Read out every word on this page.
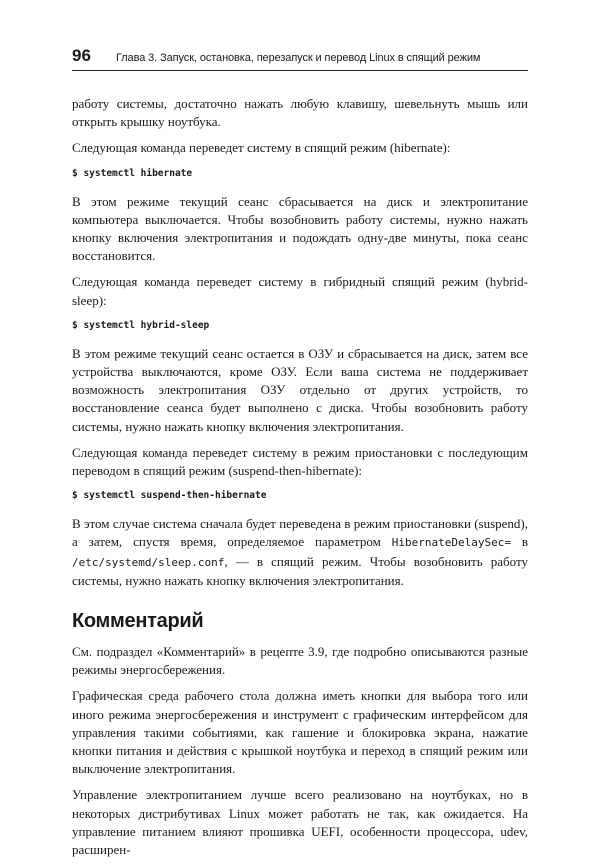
96 Глава 3. Запуск, остановка, перезапуск и перевод Linux в спящий режим

работу системы, достаточно нажать любую клавишу, шевельнуть мышь или открыть крышку ноутбука.

Следующая команда переведет систему в спящий режим (hibernate):

$ systemctl hibernate

В этом режиме текущий сеанс сбрасывается на диск и электропитание компьютера выключается. Чтобы возобновить работу системы, нужно нажать кнопку включения электропитания и подождать одну-две минуты, пока сеанс восстановится.

Следующая команда переведет систему в гибридный спящий режим (hybrid-sleep):

$ systemctl hybrid-sleep

В этом режиме текущий сеанс остается в ОЗУ и сбрасывается на диск, затем все устройства выключаются, кроме ОЗУ. Если ваша система не поддерживает возможность электропитания ОЗУ отдельно от других устройств, то восстановление сеанса будет выполнено с диска. Чтобы возобновить работу системы, нужно нажать кнопку включения электропитания.

Следующая команда переведет систему в режим приостановки с последующим переводом в спящий режим (suspend-then-hibernate):

$ systemctl suspend-then-hibernate

В этом случае система сначала будет переведена в режим приостановки (suspend), а затем, спустя время, определяемое параметром HibernateDelaySec= в /etc/systemd/sleep.conf, — в спящий режим. Чтобы возобновить работу системы, нужно нажать кнопку включения электропитания.

Комментарий

См. подраздел «Комментарий» в рецепте 3.9, где подробно описываются разные режимы энергосбережения.

Графическая среда рабочего стола должна иметь кнопки для выбора того или иного режима энергосбережения и инструмент с графическим интерфейсом для управления такими событиями, как гашение и блокировка экрана, нажатие кнопки питания и действия с крышкой ноутбука и переход в спящий режим или выключение электропитания.

Управление электропитанием лучше всего реализовано на ноутбуках, но в некоторых дистрибутивах Linux может работать не так, как ожидается. На управление питанием влияют прошивка UEFI, особенности процессора, udev, расширен-
